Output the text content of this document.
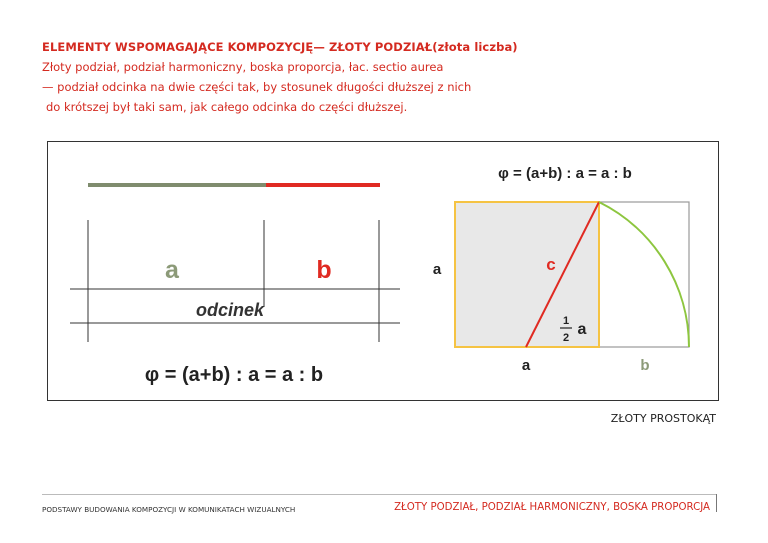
ELEMENTY WSPOMAGAJĄCE KOMPOZYCJĘ— ZŁOTY PODZIAŁ(złota liczba)
Złoty podział, podział harmoniczny, boska proporcja, łac. sectio aurea
— podział odcinka na dwie części tak, by stosunek długości dłuższej z nich
do krótszej był taki sam, jak całego odcinka do części dłuższej.
a	b
odcinek
φ = (a+b) : a = a : b
φ = (a+b) : a = a : b
a	c
1
2 a
a	b
ZŁOTY PROSTOKĄT
PODSTAWY BUDOWANIA KOMPOZYCJI W KOMUNIKATACH WIZUALNYCH	ZŁOTY PODZIAŁ, PODZIAŁ HARMONICZNY, BOSKA PROPORCJA
